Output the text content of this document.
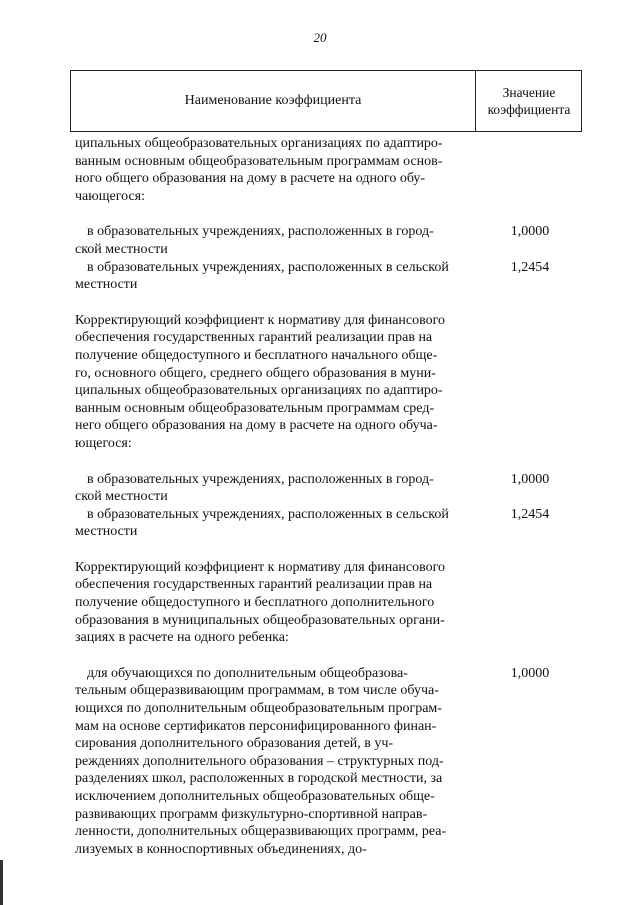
20
Наименование коэффициента
Значение
коэффициента
ципальных общеобразовательных организациях по адаптиро-
ванным основным общеобразовательным программам основ-
ного общего образования на дому в расчете на одного обу-
чающегося:
в образовательных учреждениях, расположенных в город-
ской местности
1,0000
в образовательных учреждениях, расположенных в сельской
местности
1,2454
Корректирующий коэффициент к нормативу для финансового
обеспечения государственных гарантий реализации прав на
получение общедоступного и бесплатного начального обще-
го, основного общего, среднего общего образования в муни-
ципальных общеобразовательных организациях по адаптиро-
ванным основным общеобразовательным программам сред-
него общего образования на дому в расчете на одного обуча-
ющегося:
в образовательных учреждениях, расположенных в город-
ской местности
1,0000
в образовательных учреждениях, расположенных в сельской
местности
1,2454
Корректирующий коэффициент к нормативу для финансового
обеспечения государственных гарантий реализации прав на
получение общедоступного и бесплатного дополнительного
образования в муниципальных общеобразовательных органи-
зациях в расчете на одного ребенка:
для обучающихся по дополнительным общеобразова-
тельным общеразвивающим программам, в том числе обуча-
ющихся по дополнительным общеобразовательным програм-
мам на основе сертификатов персонифицированного финан-
сирования дополнительного образования детей, в уч-
реждениях дополнительного образования – структурных под-
разделениях школ, расположенных в городской местности, за
исключением дополнительных общеобразовательных обще-
развивающих программ физкультурно-спортивной направ-
ленности, дополнительных общеразвивающих программ, реа-
лизуемых в конноспортивных объединениях, до-
1,0000
